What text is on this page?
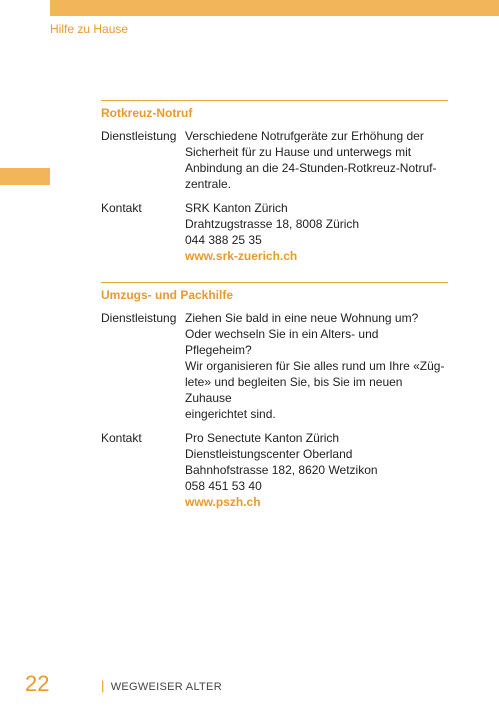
Hilfe zu Hause
Rotkreuz-Notruf
Dienstleistung Verschiedene Notrufgeräte zur Erhöhung der
Sicherheit für zu Hause und unterwegs mit
Anbindung an die 24-Stunden-Rotkreuz-Notruf-
zentrale.
Kontakt	SRK Kanton Zürich
Drahtzugstrasse 18, 8008 Zürich
044 388 25 35
www.srk-zuerich.ch
Umzugs- und Packhilfe
Dienstleistung Ziehen Sie bald in eine neue Wohnung um?
Oder wechseln Sie in ein Alters- und Pflegeheim?
Wir organisieren für Sie alles rund um Ihre «Züg-
lete» und begleiten Sie, bis Sie im neuen Zuhause
eingerichtet sind.
Kontakt	Pro Senectute Kanton Zürich
Dienstleistungscenter Oberland
Bahnhofstrasse 182, 8620 Wetzikon
058 451 53 40
www.pszh.ch
22	| WEGWEISER ALTER
